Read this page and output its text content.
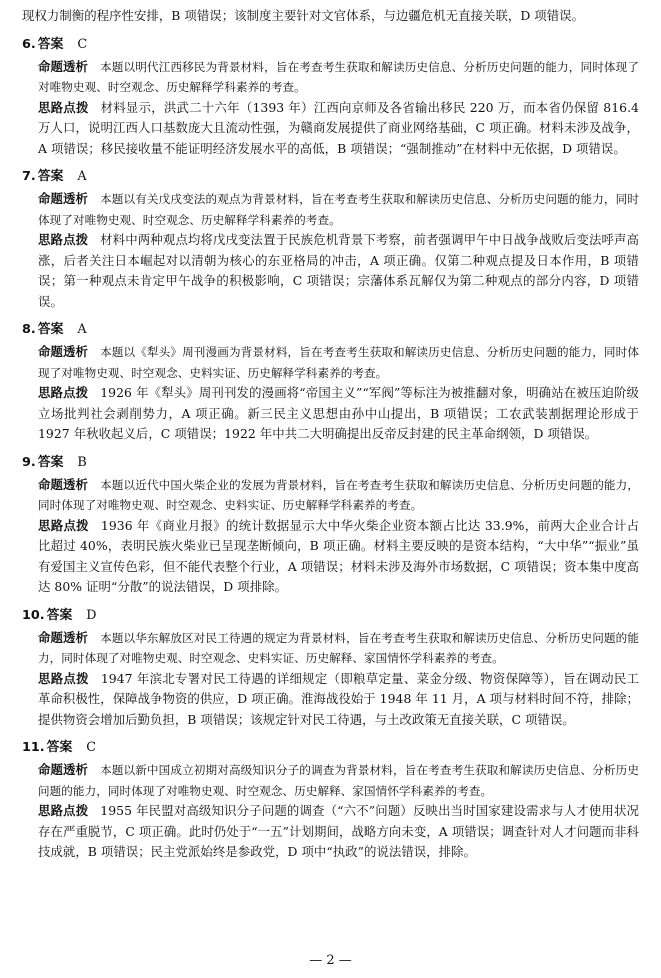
现权力制衡的程序性安排，B 项错误；该制度主要针对文官体系，与边疆危机无直接关联，D 项错误。

6. 答案 C

命题透析 本题以明代江西移民为背景材料，旨在考查考生获取和解读历史信息、分析历史问题的能力，同时体现了对唯物史观、时空观念、历史解释学科素养的考查。

思路点拨 材料显示，洪武二十六年（1393 年）江西向京师及各省输出移民 220 万，而本省仍保留 816.4 万人口，说明江西人口基数庞大且流动性强，为赣商发展提供了商业网络基础，C 项正确。材料未涉及战争，A 项错误；移民接收量不能证明经济发展水平的高低，B 项错误；“强制推动”在材料中无依据，D 项错误。

7. 答案 A

命题透析 本题以有关戊戌变法的观点为背景材料，旨在考查考生获取和解读历史信息、分析历史问题的能力，同时体现了对唯物史观、时空观念、历史解释学科素养的考查。

思路点拨 材料中两种观点均将戊戌变法置于民族危机背景下考察，前者强调甲午中日战争战败后变法呼声高涨，后者关注日本崛起对以清朝为核心的东亚格局的冲击，A 项正确。仅第二种观点提及日本作用，B 项错误；第一种观点未肯定甲午战争的积极影响，C 项错误；宗藩体系瓦解仅为第二种观点的部分内容，D 项错误。

8. 答案 A

命题透析 本题以《犁头》周刊漫画为背景材料，旨在考查考生获取和解读历史信息、分析历史问题的能力，同时体现了对唯物史观、时空观念、史料实证、历史解释学科素养的考查。

思路点拨 1926 年《犁头》周刊刊发的漫画将“帝国主义”“军阀”等标注为被推翻对象，明确站在被压迫阶级立场批判社会剥削势力，A 项正确。新三民主义思想由孙中山提出，B 项错误；工农武装割据理论形成于 1927 年秋收起义后，C 项错误；1922 年中共二大明确提出反帝反封建的民主革命纲领，D 项错误。

9. 答案 B

命题透析 本题以近代中国火柴企业的发展为背景材料，旨在考查考生获取和解读历史信息、分析历史问题的能力，同时体现了对唯物史观、时空观念、史料实证、历史解释学科素养的考查。

思路点拨 1936 年《商业月报》的统计数据显示大中华火柴企业资本额占比达 33.9%，前两大企业合计占比超过 40%，表明民族火柴业已呈现垄断倾向，B 项正确。材料主要反映的是资本结构，“大中华”“振业”虽有爱国主义宣传色彩，但不能代表整个行业，A 项错误；材料未涉及海外市场数据，C 项错误；资本集中度高达 80% 证明“分散”的说法错误，D 项排除。

10. 答案 D

命题透析 本题以华东解放区对民工待遇的规定为背景材料，旨在考查考生获取和解读历史信息、分析历史问题的能力，同时体现了对唯物史观、时空观念、史料实证、历史解释、家国情怀学科素养的考查。

思路点拨 1947 年滨北专署对民工待遇的详细规定（即粮草定量、菜金分级、物资保障等），旨在调动民工革命积极性，保障战争物资的供应，D 项正确。淮海战役始于 1948 年 11 月，A 项与材料时间不符，排除；提供物资会增加后勤负担，B 项错误；该规定针对民工待遇，与土改政策无直接关联，C 项错误。

11. 答案 C

命题透析 本题以新中国成立初期对高级知识分子的调查为背景材料，旨在考查考生获取和解读历史信息、分析历史问题的能力，同时体现了对唯物史观、时空观念、历史解释、家国情怀学科素养的考查。

思路点拨 1955 年民盟对高级知识分子问题的调查（“六不”问题）反映出当时国家建设需求与人才使用状况存在严重脱节，C 项正确。此时仍处于“一五”计划期间，战略方向未变，A 项错误；调查针对人才问题而非科技成就，B 项错误；民主党派始终是参政党，D 项中“执政”的说法错误，排除。

— 2 —
